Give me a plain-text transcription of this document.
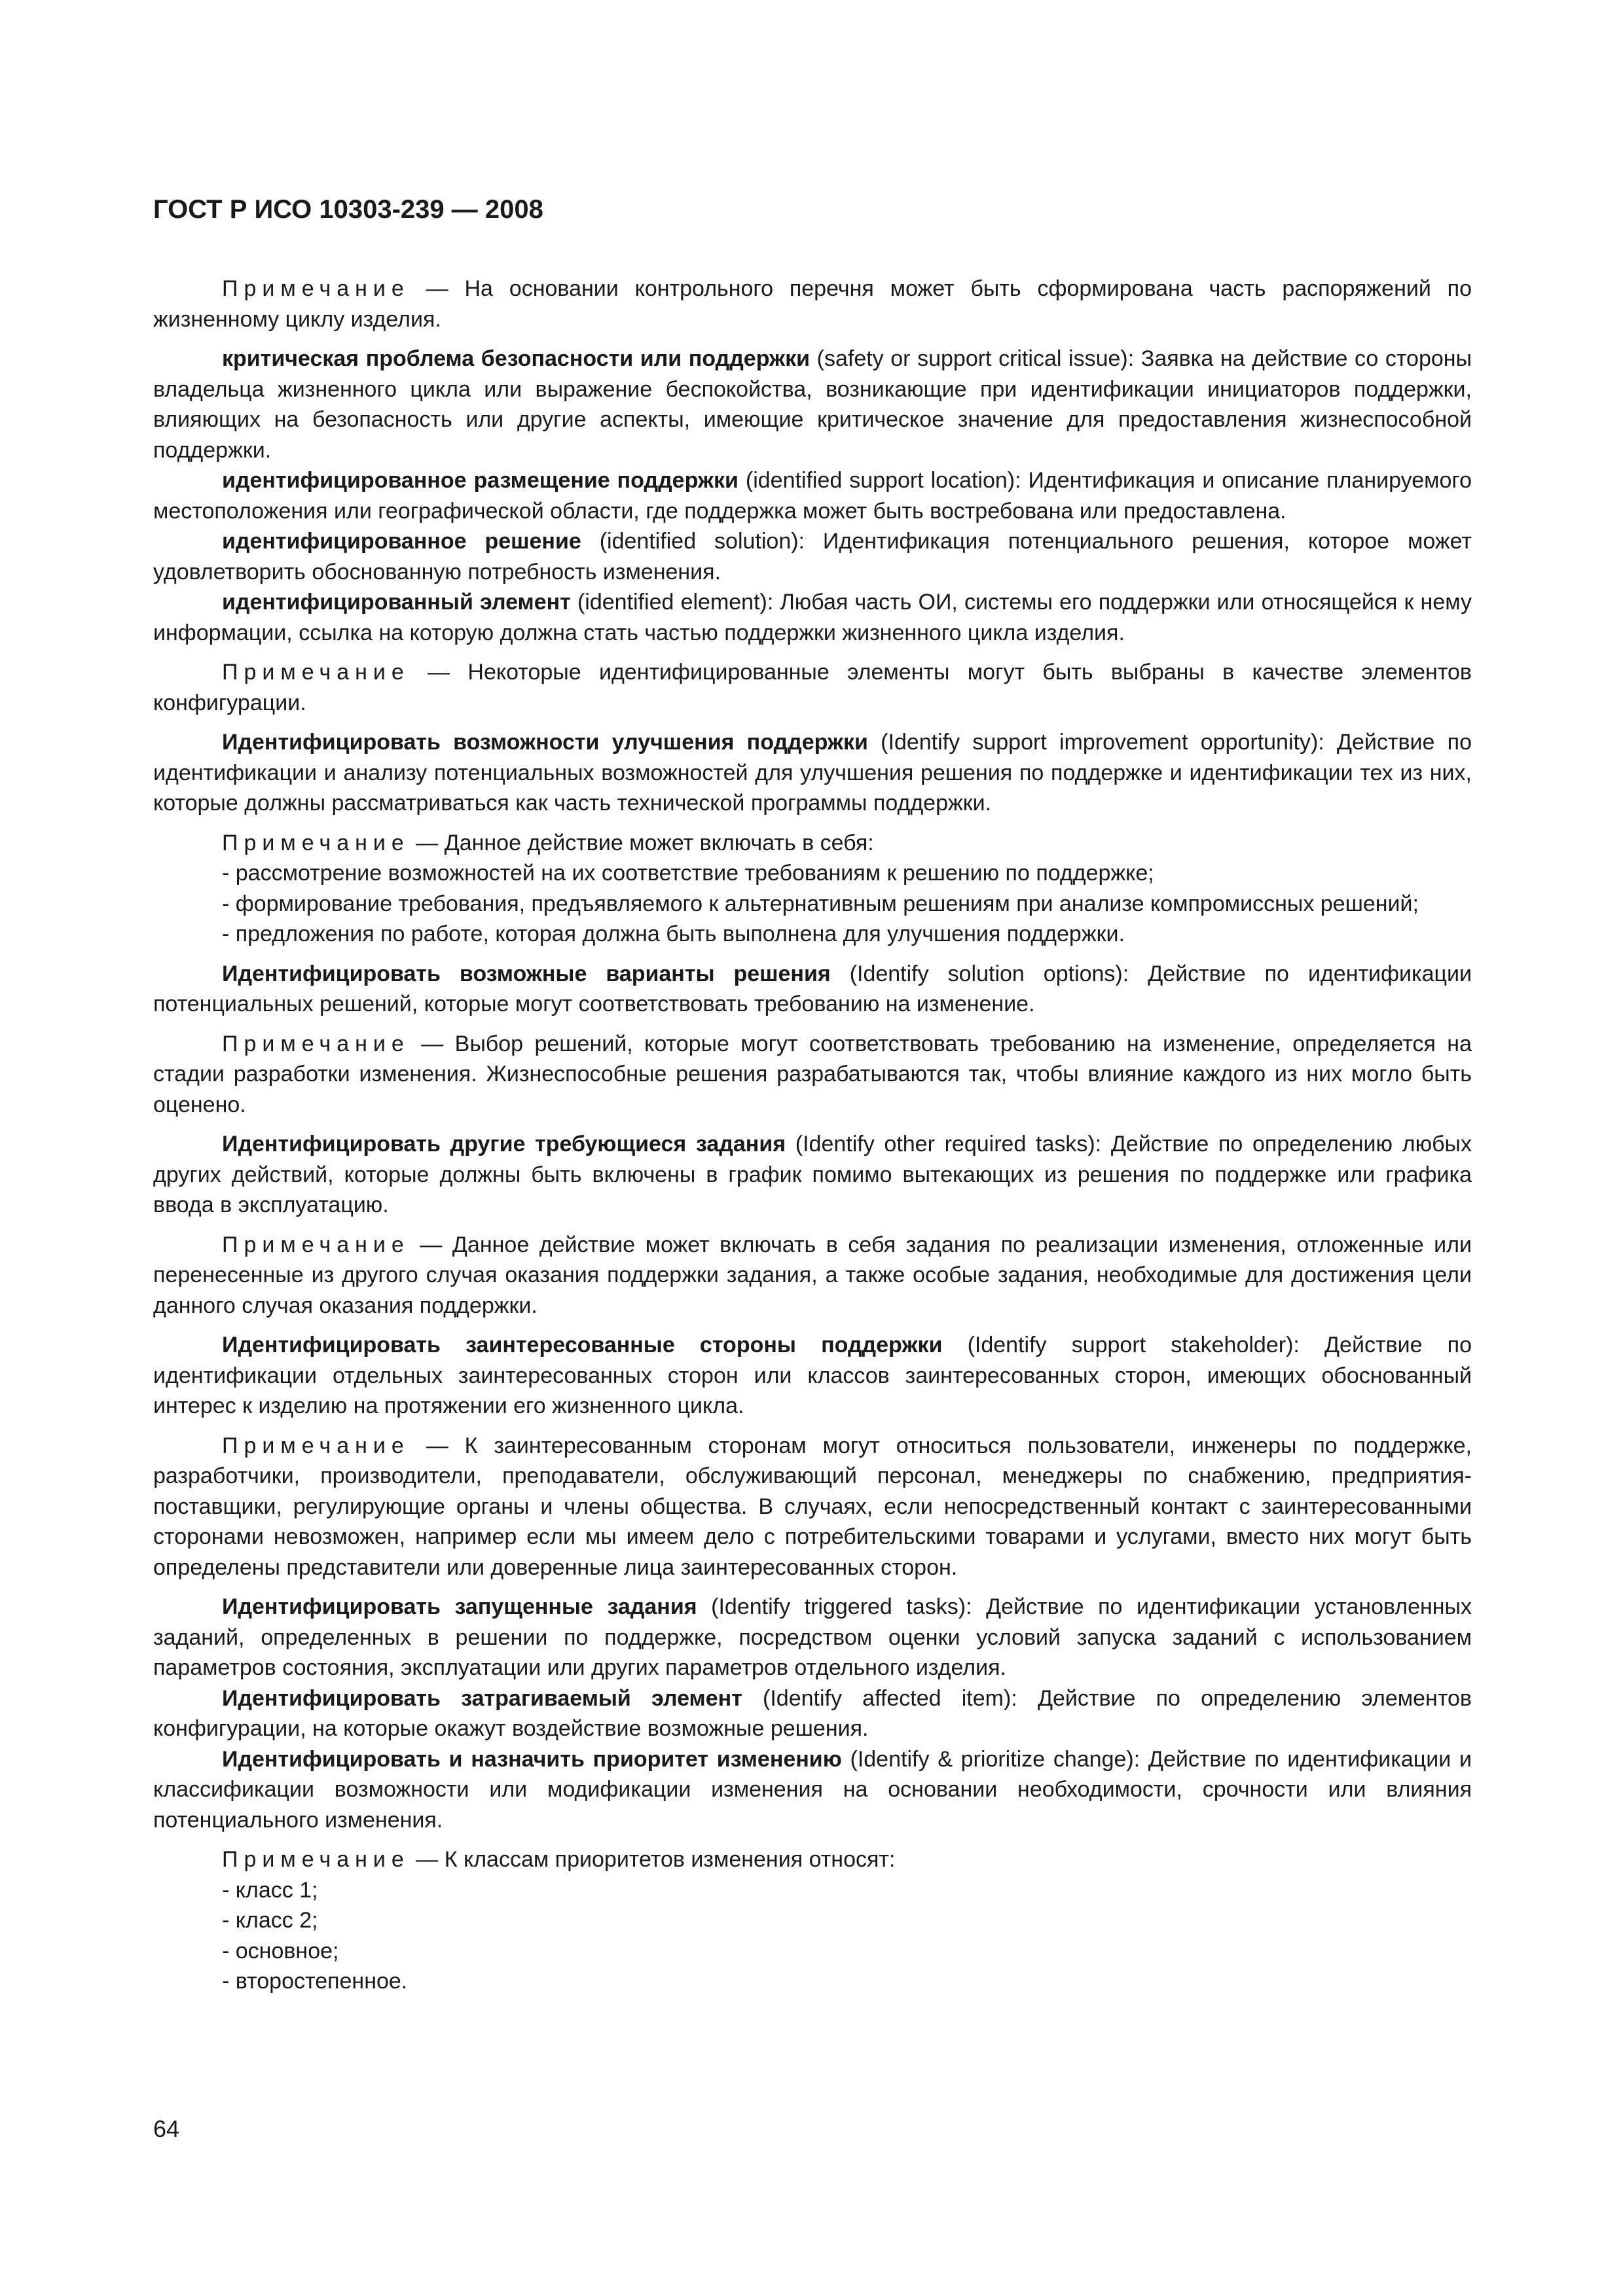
ГОСТ Р ИСО 10303-239 — 2008

Примечание — На основании контрольного перечня может быть сформирована часть распоряжений по жизненному циклу изделия.

критическая проблема безопасности или поддержки (safety or support critical issue): Заявка на действие со стороны владельца жизненного цикла или выражение беспокойства, возникающие при идентификации инициаторов поддержки, влияющих на безопасность или другие аспекты, имеющие критическое значение для предоставления жизнеспособной поддержки.

идентифицированное размещение поддержки (identified support location): Идентификация и описание планируемого местоположения или географической области, где поддержка может быть востребована или предоставлена.

идентифицированное решение (identified solution): Идентификация потенциального решения, которое может удовлетворить обоснованную потребность изменения.

идентифицированный элемент (identified element): Любая часть ОИ, системы его поддержки или относящейся к нему информации, ссылка на которую должна стать частью поддержки жизненного цикла изделия.

Примечание — Некоторые идентифицированные элементы могут быть выбраны в качестве элементов конфигурации.

Идентифицировать возможности улучшения поддержки (Identify support improvement opportunity): Действие по идентификации и анализу потенциальных возможностей для улучшения решения по поддержке и идентификации тех из них, которые должны рассматриваться как часть технической программы поддержки.

Примечание — Данное действие может включать в себя:

- рассмотрение возможностей на их соответствие требованиям к решению по поддержке;

- формирование требования, предъявляемого к альтернативным решениям при анализе компромиссных решений;

- предложения по работе, которая должна быть выполнена для улучшения поддержки.

Идентифицировать возможные варианты решения (Identify solution options): Действие по идентификации потенциальных решений, которые могут соответствовать требованию на изменение.

Примечание — Выбор решений, которые могут соответствовать требованию на изменение, определяется на стадии разработки изменения. Жизнеспособные решения разрабатываются так, чтобы влияние каждого из них могло быть оценено.

Идентифицировать другие требующиеся задания (Identify other required tasks): Действие по определению любых других действий, которые должны быть включены в график помимо вытекающих из решения по поддержке или графика ввода в эксплуатацию.

Примечание — Данное действие может включать в себя задания по реализации изменения, отложенные или перенесенные из другого случая оказания поддержки задания, а также особые задания, необходимые для достижения цели данного случая оказания поддержки.

Идентифицировать заинтересованные стороны поддержки (Identify support stakeholder): Действие по идентификации отдельных заинтересованных сторон или классов заинтересованных сторон, имеющих обоснованный интерес к изделию на протяжении его жизненного цикла.

Примечание — К заинтересованным сторонам могут относиться пользователи, инженеры по поддержке, разработчики, производители, преподаватели, обслуживающий персонал, менеджеры по снабжению, предприятия-поставщики, регулирующие органы и члены общества. В случаях, если непосредственный контакт с заинтересованными сторонами невозможен, например если мы имеем дело с потребительскими товарами и услугами, вместо них могут быть определены представители или доверенные лица заинтересованных сторон.

Идентифицировать запущенные задания (Identify triggered tasks): Действие по идентификации установленных заданий, определенных в решении по поддержке, посредством оценки условий запуска заданий с использованием параметров состояния, эксплуатации или других параметров отдельного изделия.

Идентифицировать затрагиваемый элемент (Identify affected item): Действие по определению элементов конфигурации, на которые окажут воздействие возможные решения.

Идентифицировать и назначить приоритет изменению (Identify & prioritize change): Действие по идентификации и классификации возможности или модификации изменения на основании необходимости, срочности или влияния потенциального изменения.

Примечание — К классам приоритетов изменения относят:

- класс 1;

- класс 2;

- основное;

- второстепенное.

64
